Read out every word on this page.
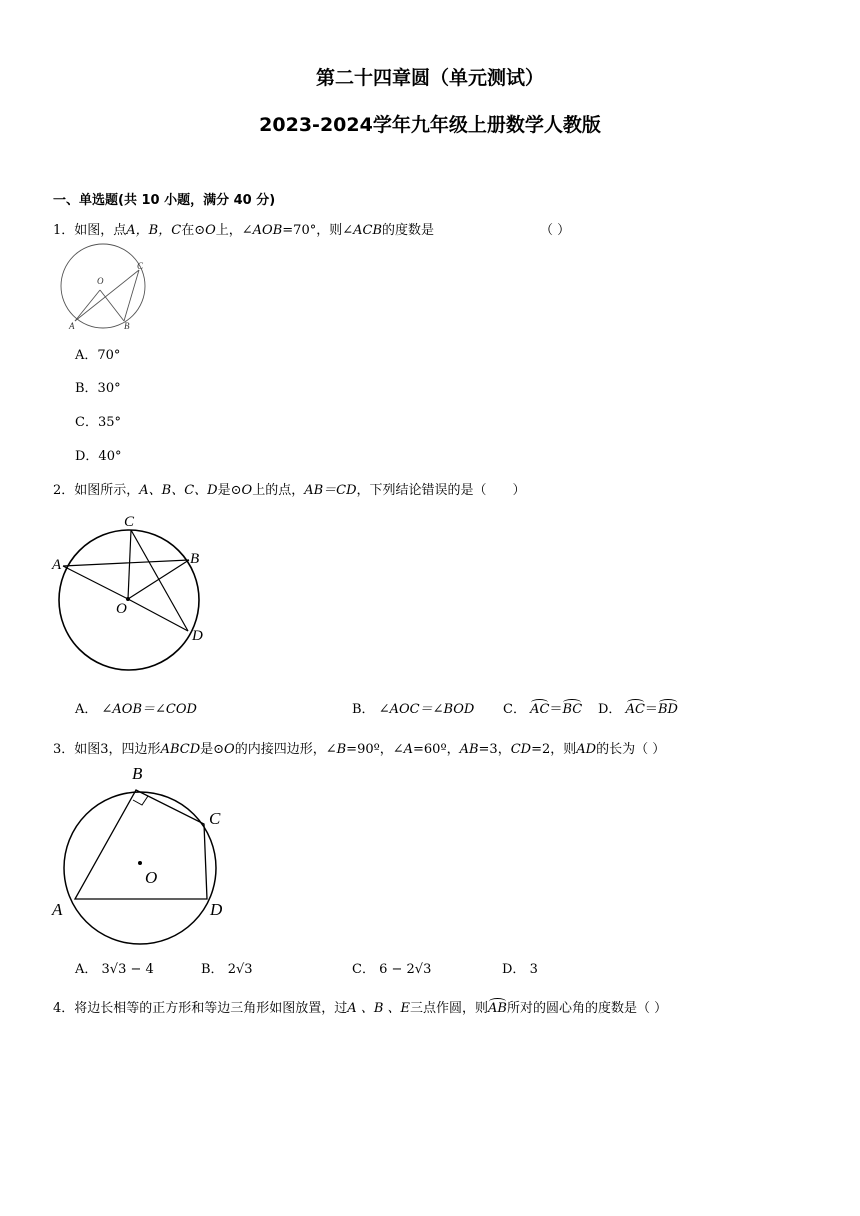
第二十四章圆（单元测试）
2023-2024学年九年级上册数学人教版
一、单选题(共 10 小题，满分 40 分)
1．如图，点A，B，C在⊙O上，∠AOB=70°，则∠ACB的度数是	（ ）
O
A	B
C
A．70°
B．30°
C．35°
D．40°
2．如图所示，A、B、C、D是⊙O上的点，AB＝CD，下列结论错误的是（　　）
C
A	B
O
D
A． ∠AOB＝∠COD	B． ∠AOC＝∠BOD C． AC＝BC D． AC＝BD
3．如图3，四边形ABCD是⊙O的内接四边形，∠B=90º，∠A=60º，AB=3，CD=2，则AD的长为（ ）
B
C
O
A	D
A． 3√3 − 4	B． 2√3	C． 6 − 2√3	D． 3
4．将边长相等的正方形和等边三角形如图放置，过A 、B 、E三点作圆，则AB所对的圆心角的度数是（ ）
